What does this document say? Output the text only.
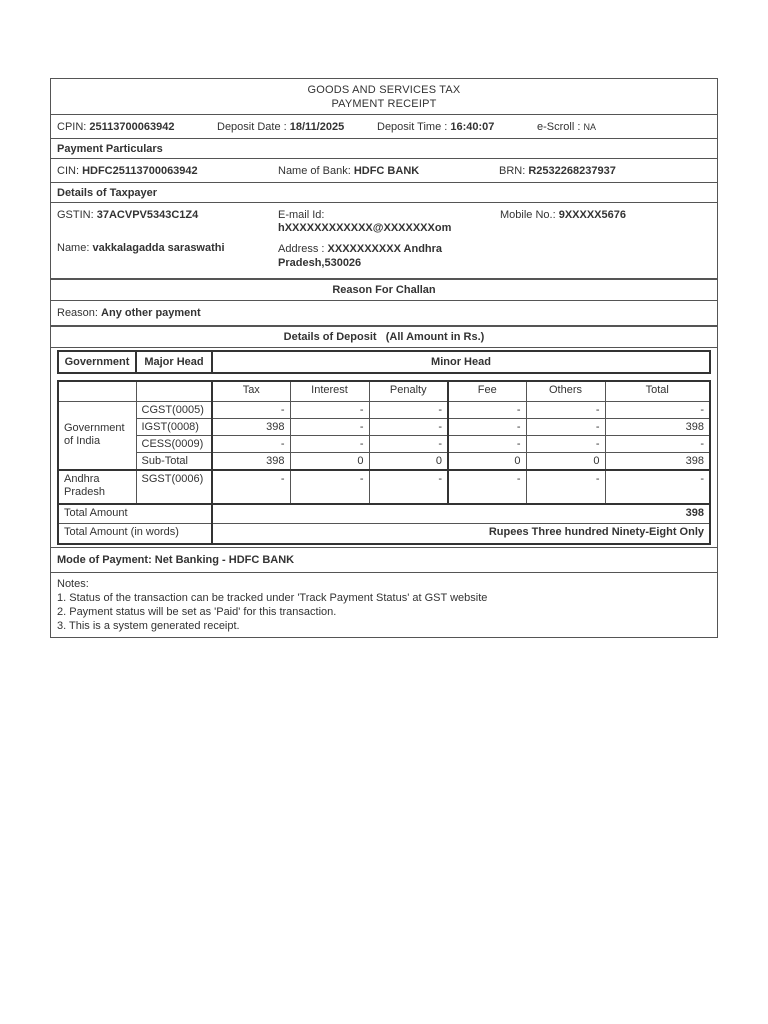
GOODS AND SERVICES TAX
PAYMENT RECEIPT
CPIN: 25113700063942	Deposit Date : 18/11/2025	Deposit Time : 16:40:07	e-Scroll : NA
Payment Particulars
CIN: HDFC25113700063942	Name of Bank: HDFC BANK	BRN: R2532268237937
Details of Taxpayer
GSTIN: 37ACVPV5343C1Z4	E-mail Id:
hXXXXXXXXXXXX@XXXXXXXom
Mobile No.: 9XXXXX5676
Name: vakkalagadda saraswathi	Address : XXXXXXXXXX Andhra
Pradesh,530026
Reason For Challan
Reason:
Any other payment
Details of Deposit
(All Amount in Rs.)
Government	Major Head	Minor Head
		Tax	Interest	Penalty	Fee	Others	Total
Government of India	CGST(0005)	-	-	-	-	-	-
	IGST(0008)	398	-	-	-	-	398
	CESS(0009)	-	-	-	-	-	-
	Sub-Total	398	0	0	0	0	398
Andhra Pradesh	SGST(0006)	-	-	-	-	-	-
Total Amount		398					
Total Amount (in words)		Rupees Three hundred Ninety-Eight Only					
Mode of Payment:
Net Banking - HDFC BANK
Notes:
1. Status of the transaction can be tracked under 'Track Payment Status' at GST website
2. Payment status will be set as 'Paid' for this transaction.
3. This is a system generated receipt.
